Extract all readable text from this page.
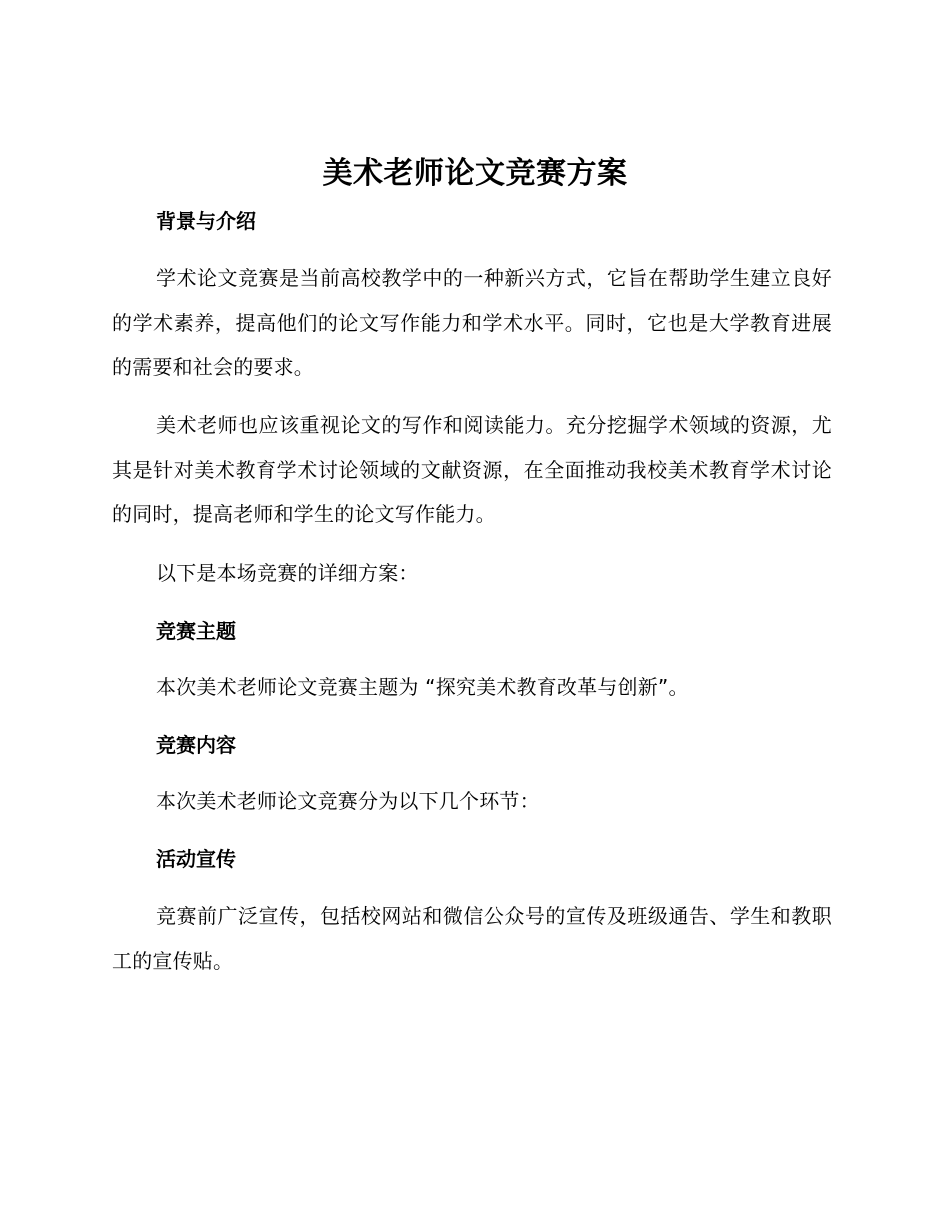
美术老师论文竞赛方案
背景与介绍
学术论文竞赛是当前高校教学中的一种新兴方式，它旨在帮助学生建立良好的学术素养，提高他们的论文写作能力和学术水平。同时，它也是大学教育进展的需要和社会的要求。
美术老师也应该重视论文的写作和阅读能力。充分挖掘学术领域的资源，尤其是针对美术教育学术讨论领域的文献资源，在全面推动我校美术教育学术讨论的同时，提高老师和学生的论文写作能力。
以下是本场竞赛的详细方案：
竞赛主题
本次美术老师论文竞赛主题为 “探究美术教育改革与创新”。
竞赛内容
本次美术老师论文竞赛分为以下几个环节：
活动宣传
竞赛前广泛宣传，包括校网站和微信公众号的宣传及班级通告、学生和教职工的宣传贴。
